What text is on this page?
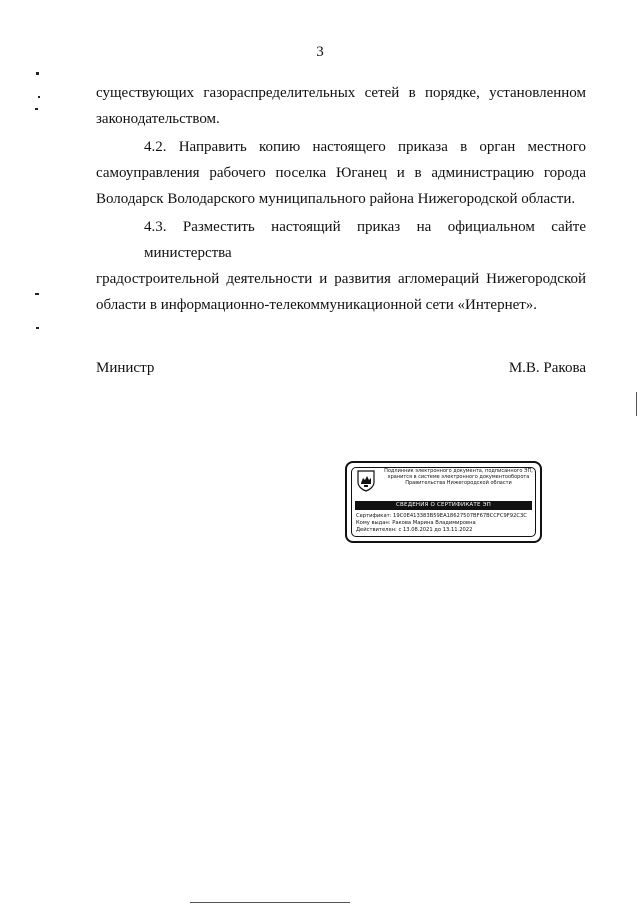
3
существующих газораспределительных сетей в порядке, установленном
законодательством.
4.2. Направить копию настоящего приказа в орган местного
самоуправления рабочего поселка Юганец и в администрацию города
Володарск Володарского муниципального района Нижегородской области.
4.3. Разместить настоящий приказ на официальном сайте министерства
градостроительной деятельности и развития агломераций Нижегородской
области в информационно-телекоммуникационной сети «Интернет».
Министр	М.В. Ракова
Подлинник электронного документа, подписанного ЭП,
хранится в системе электронного документооборота
Правительства Нижегородской области
СВЕДЕНИЯ О СЕРТИФИКАТЕ ЭП
Сертификат: 19C0E413383B59EA18627507BF67BCCFC9F92C3C
Кому выдан: Ракова Марина Владимировна
Действителен: с 13.08.2021 до 13.11.2022
